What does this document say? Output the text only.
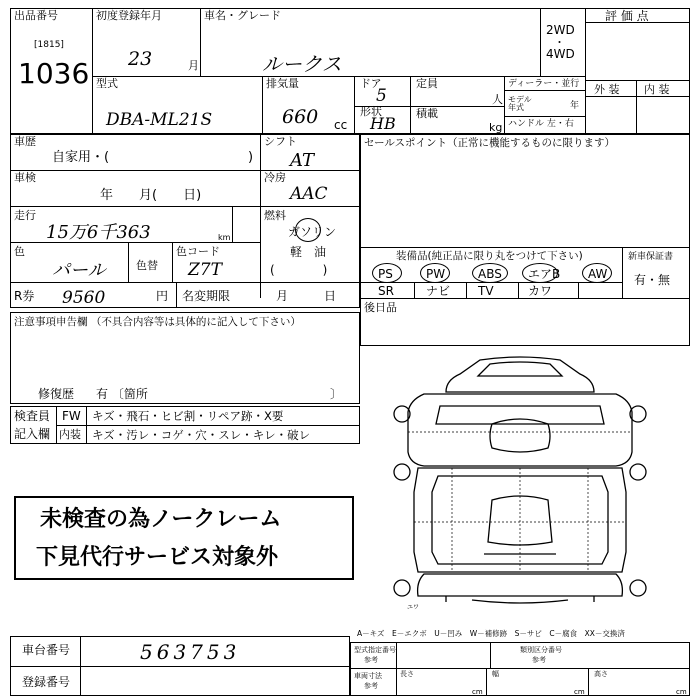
出品番号
[1815]
1036
初度登録年月
23	月
車名・グレード
ルークス
2WD
・
4WD
評 価 点
外 装 内 装
型式
DBA-ML21S
排気量
660 cc
ドア
5
定員
人
形状
HB
積載
kg
ディーラー・並行
モデル 年式	年
ハンドル 左・右
車歴
自家用・(	)
シフト
AT
車検
年　　月(　　日)
冷房
AAC
走行
15万6千363	km
燃料
ガソリン
軽　油
(　　　　)
色
パール	色替
色コード
Z7T
R券 9560	円 名変期限	月　　　日
注意事項申告欄 （不具合内容等は具体的に記入して下さい）
修復歴 有 〔箇所	〕
検査員
記入欄
FW キズ・飛石・ヒビ割・リペア跡・X要
内装 キズ・汚レ・コゲ・穴・スレ・キレ・破レ
未検査の為ノークレーム
下見代行サービス対象外
セールスポイント（正常に機能するものに限ります）
装備品(純正品に限り丸をつけて下さい)	新車保証書
有・無
PS	PW	ABS エアB AW
SR	ナビ TV	カワ
後日品
ユワ
A－キズ　E－エクボ　U－凹み　W－補修跡　S－サビ　C－腐食　XX－交換済
車台番号	563753
登録番号
型式指定番号
参考
類別区分番号
参考
車両寸法
参考
長さ
cm
幅
cm
高さ
cm
